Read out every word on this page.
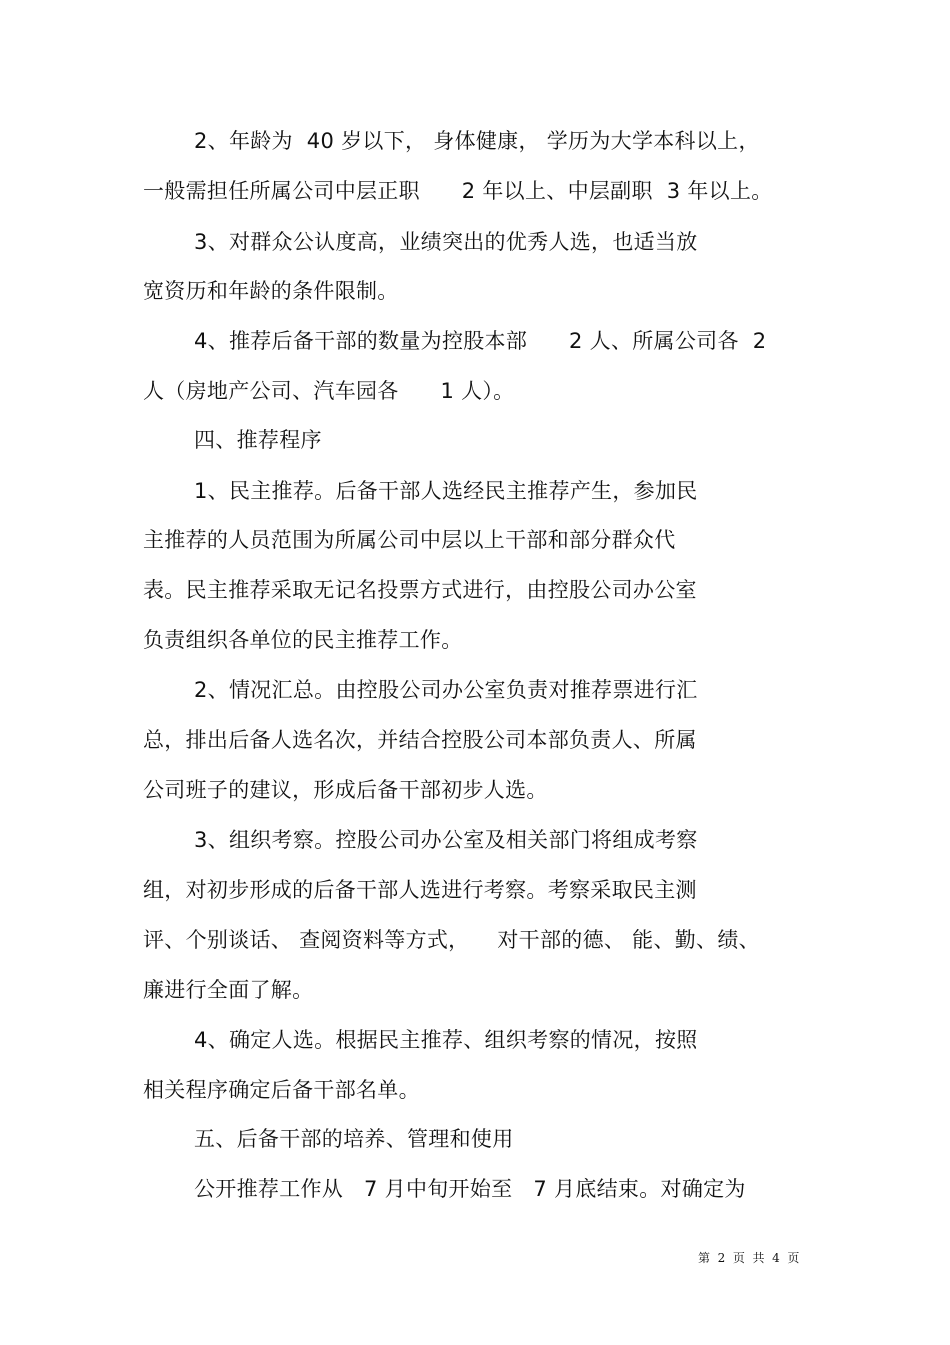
2、年龄为  40 岁以下， 身体健康， 学历为大学本科以上，
一般需担任所属公司中层正职      2 年以上、中层副职  3 年以上。
3、对群众公认度高，业绩突出的优秀人选，也适当放
宽资历和年龄的条件限制。
4、推荐后备干部的数量为控股本部      2 人、所属公司各  2
人（房地产公司、汽车园各      1 人）。
四、推荐程序
1、民主推荐。后备干部人选经民主推荐产生，参加民
主推荐的人员范围为所属公司中层以上干部和部分群众代
表。民主推荐采取无记名投票方式进行，由控股公司办公室
负责组织各单位的民主推荐工作。
2、情况汇总。由控股公司办公室负责对推荐票进行汇
总，排出后备人选名次，并结合控股公司本部负责人、所属
公司班子的建议，形成后备干部初步人选。
3、组织考察。控股公司办公室及相关部门将组成考察
组，对初步形成的后备干部人选进行考察。考察采取民主测
评、个别谈话、 查阅资料等方式，    对干部的德、 能、勤、绩、
廉进行全面了解。
4、确定人选。根据民主推荐、组织考察的情况，按照
相关程序确定后备干部名单。
五、后备干部的培养、管理和使用
公开推荐工作从   7 月中旬开始至   7 月底结束。对确定为
第  2  页  共  4  页
